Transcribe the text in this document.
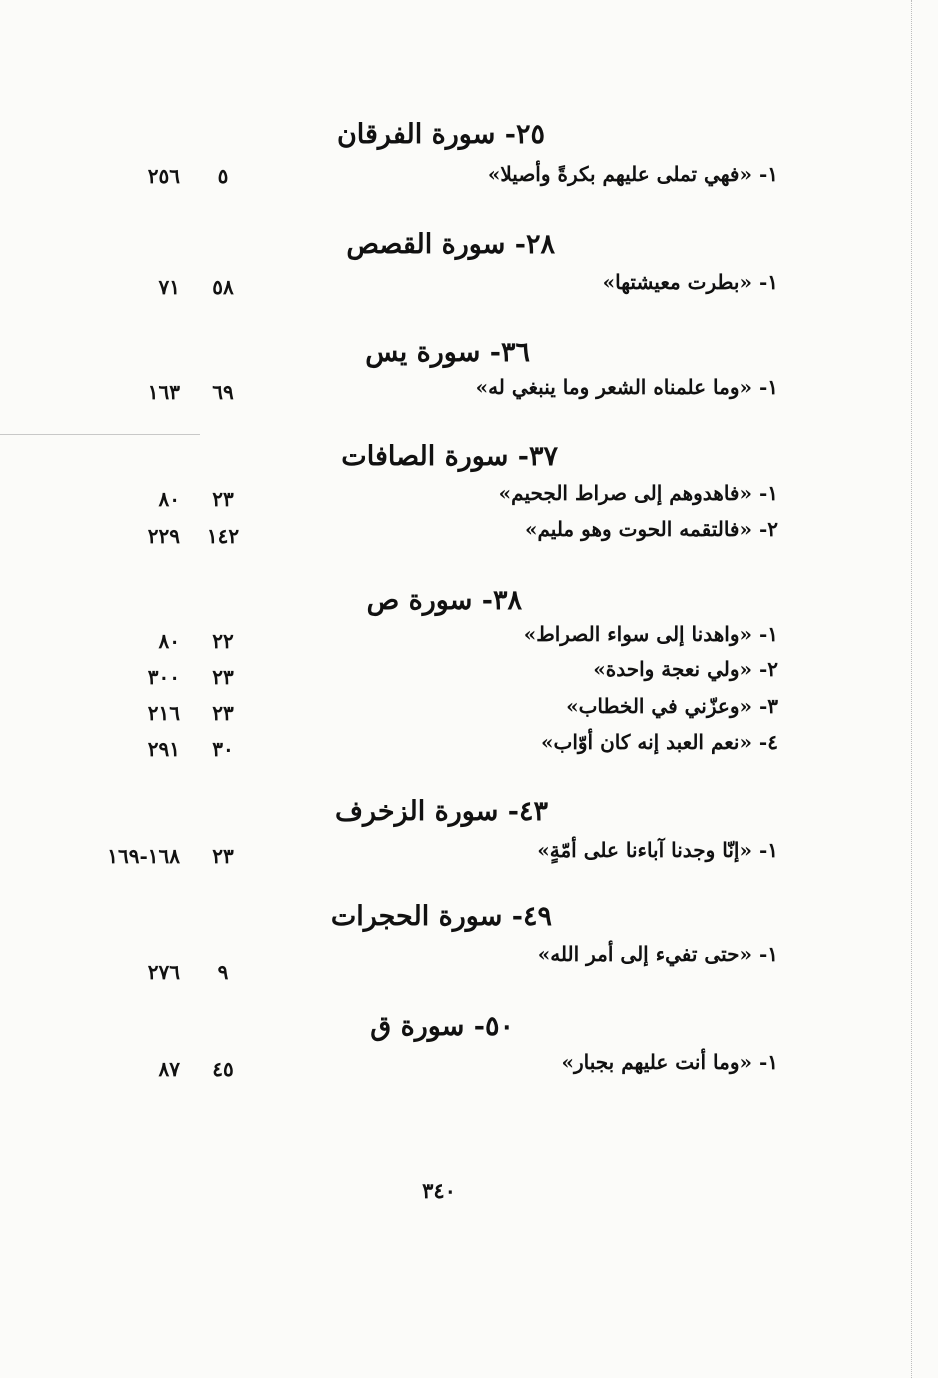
٢٥- سورة الفرقان
١- «فهي تملى عليهم بكرةً وأصيلا»
٥
٢٥٦
٢٨- سورة القصص
١- «بطرت معيشتها»
٥٨
٧١
٣٦- سورة يس
١- «وما علمناه الشعر وما ينبغي له»
٦٩
١٦٣
٣٧- سورة الصافات
١- «فاهدوهم إلى صراط الجحيم»
٢٣
٨٠
٢- «فالتقمه الحوت وهو مليم»
١٤٢
٢٢٩
٣٨- سورة ص
١- «واهدنا إلى سواء الصراط»
٢٢
٨٠
٢- «ولي نعجة واحدة»
٢٣
٣٠٠
٣- «وعزّني في الخطاب»
٢٣
٢١٦
٤- «نعم العبد إنه كان أوّاب»
٣٠
٢٩١
٤٣- سورة الزخرف
١- «إنّا وجدنا آباءنا على أمّةٍ»
٢٣
١٦٨-١٦٩
٤٩- سورة الحجرات
١- «حتى تفيء إلى أمر الله»
٩
٢٧٦
٥٠- سورة ق
١- «وما أنت عليهم بجبار»
٤٥
٨٧
٣٤٠
